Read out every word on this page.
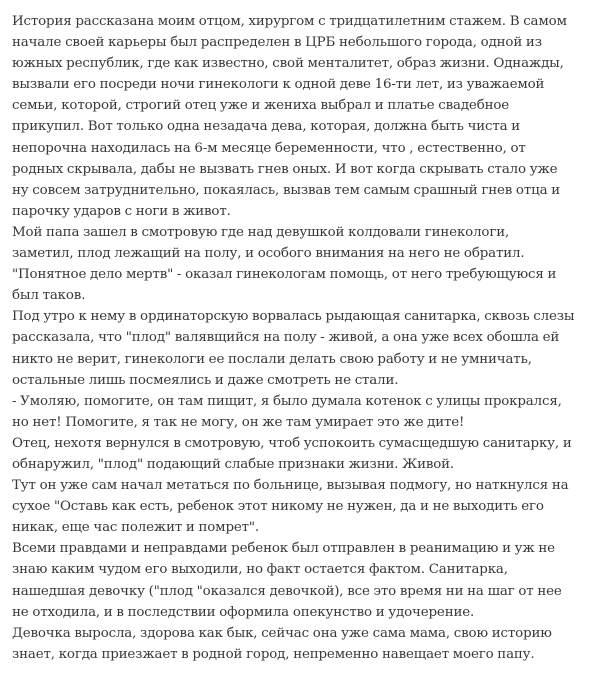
История рассказана моим отцом, хирургом с тридцатилетним стажем. В самом
начале своей карьеры был распределен в ЦРБ небольшого города, одной из
южных республик, где как известно, свой менталитет, образ жизни. Однажды,
вызвали его посреди ночи гинекологи к одной деве 16-ти лет, из уважаемой
семьи, которой, строгий отец уже и жениха выбрал и платье свадебное
прикупил. Вот только одна незадача дева, которая, должна быть чиста и
непорочна находилась на 6-м месяце беременности, что , естественно, от
родных скрывала, дабы не вызвать гнев оных. И вот когда скрывать стало уже
ну совсем затруднительно, покаялась, вызвав тем самым срашный гнев отца и
парочку ударов с ноги в живот.
Мой папа зашел в смотровую где над девушкой колдовали гинекологи,
заметил, плод лежащий на полу, и особого внимания на него не обратил.
"Понятное дело мертв" - оказал гинекологам помощь, от него требующуюся и
был таков.
Под утро к нему в ординаторскую ворвалась рыдающая санитарка, сквозь слезы
рассказала, что "плод" валявщийся на полу - живой, а она уже всех обошла ей
никто не верит, гинекологи ее послали делать свою работу и не умничать,
остальные лишь посмеялись и даже смотреть не стали.
- Умоляю, помогите, он там пищит, я было думала котенок с улицы прокрался,
но нет! Помогите, я так не могу, он же там умирает это же дите!
Отец, нехотя вернулся в смотровую, чтоб успокоить сумасщедшую санитарку, и
обнаружил, "плод" подающий слабые признаки жизни. Живой.
Тут он уже сам начал метаться по больнице, вызывая подмогу, но наткнулся на
сухое "Оставь как есть, ребенок этот никому не нужен, да и не выходить его
никак, еще час полежит и помрет".
Всеми правдами и неправдами ребенок был отправлен в реанимацию и уж не
знаю каким чудом его выходили, но факт остается фактом. Санитарка,
нашедшая девочку ("плод "оказался девочкой), все это время ни на шаг от нее
не отходила, и в последствии оформила опекунство и удочерение.
Девочка выросла, здорова как бык, сейчас она уже сама мама, свою историю
знает, когда приезжает в родной город, непременно навещает моего папу.
